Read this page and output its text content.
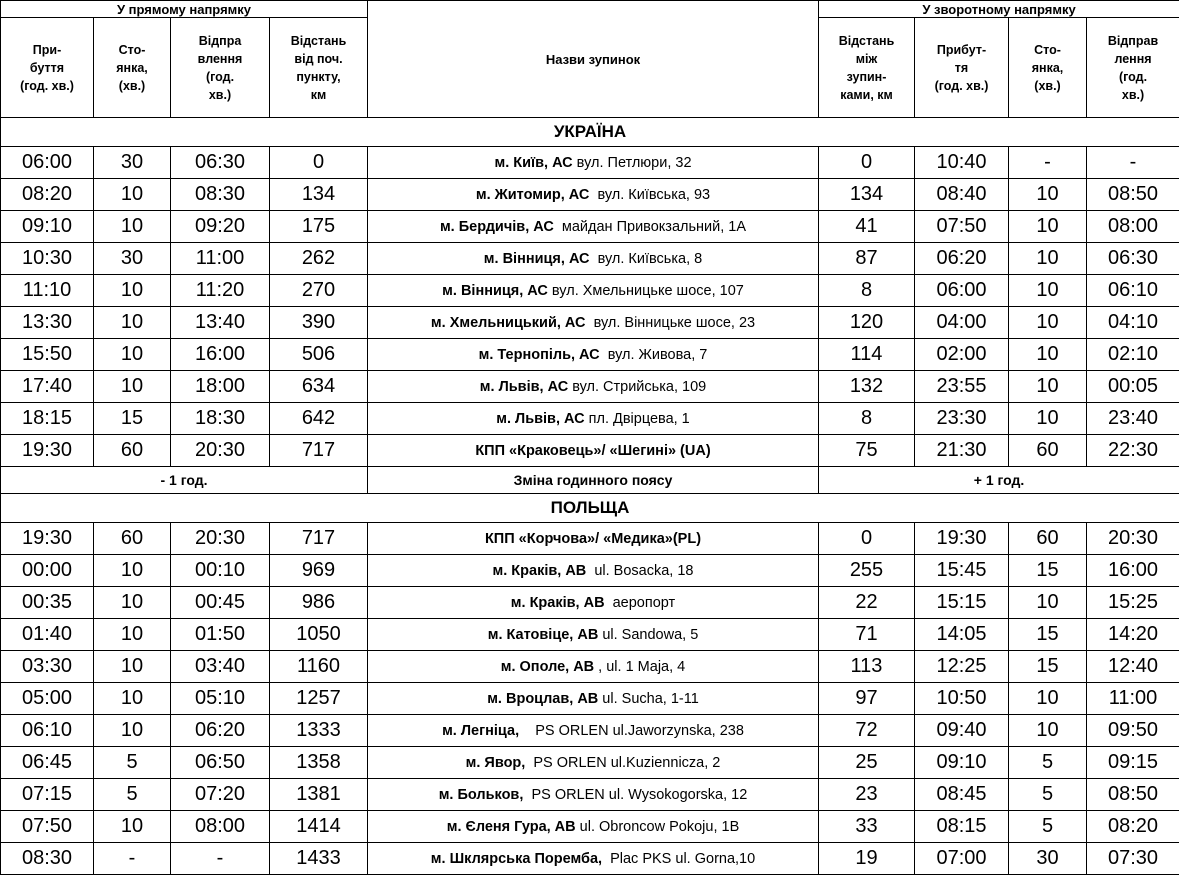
У прямому напрямку				Назви зупинок	У зворотному напрямку			

При-
буття
(год. хв.)	Сто-
янка,
(хв.)	Відпра
влення
(год.
хв.)	Відстань
від поч.
пункту,
км		Відстань
між
зупин-
ками, км	Прибут-
тя
(год. хв.)	Сто-
янка,
(хв.)	Відправ
лення
(год.
хв.)

УКРАЇНА								
06:00	30	06:30	0	м. Київ, АС вул. Петлюри, 32	0	10:40	-	-
08:20	10	08:30	134	м. Житомир, АС  вул. Київська, 93	134	08:40	10	08:50
09:10	10	09:20	175	м. Бердичів, АС  майдан Привокзальний, 1А	41	07:50	10	08:00
10:30	30	11:00	262	м. Вінниця, АС  вул. Київська, 8	87	06:20	10	06:30
11:10	10	11:20	270	м. Вінниця, АС вул. Хмельницьке шосе, 107	8	06:00	10	06:10
13:30	10	13:40	390	м. Хмельницький, АС  вул. Вінницьке шосе, 23	120	04:00	10	04:10
15:50	10	16:00	506	м. Тернопіль, АС  вул. Живова, 7	114	02:00	10	02:10
17:40	10	18:00	634	м. Львів, АС вул. Стрийська, 109	132	23:55	10	00:05
18:15	15	18:30	642	м. Львів, АС пл. Двірцева, 1	8	23:30	10	23:40
19:30	60	20:30	717	КПП «Краковець»/ «Шегині» (UA)	75	21:30	60	22:30
- 1 год.				Зміна годинного поясу	+ 1 год.			
ПОЛЬЩА								
19:30	60	20:30	717	КПП «Корчова»/ «Медика»(PL)	0	19:30	60	20:30
00:00	10	00:10	969	м. Краків, АВ  ul. Bosacka, 18	255	15:45	15	16:00
00:35	10	00:45	986	м. Краків, АВ  аеропорт	22	15:15	10	15:25
01:40	10	01:50	1050	м. Катовіце, АВ ul. Sandowa, 5	71	14:05	15	14:20
03:30	10	03:40	1160	м. Ополе, АВ , ul. 1 Maja, 4	113	12:25	15	12:40
05:00	10	05:10	1257	м. Вроцлав, АВ ul. Sucha, 1-11	97	10:50	10	11:00
06:10	10	06:20	1333	м. Легніца,    PS ORLEN ul.Jaworzynska, 238	72	09:40	10	09:50
06:45	5	06:50	1358	м. Явор,  PS ORLEN ul.Kuziennicza, 2	25	09:10	5	09:15
07:15	5	07:20	1381	м. Больков,  PS ORLEN ul. Wysokogorska, 12	23	08:45	5	08:50
07:50	10	08:00	1414	м. Єленя Гура, АВ ul. Obroncow Pokoju, 1В	33	08:15	5	08:20
08:30	-	-	1433	м. Шклярська Поремба,  Plac PKS ul. Gorna,10	19	07:00	30	07:30
